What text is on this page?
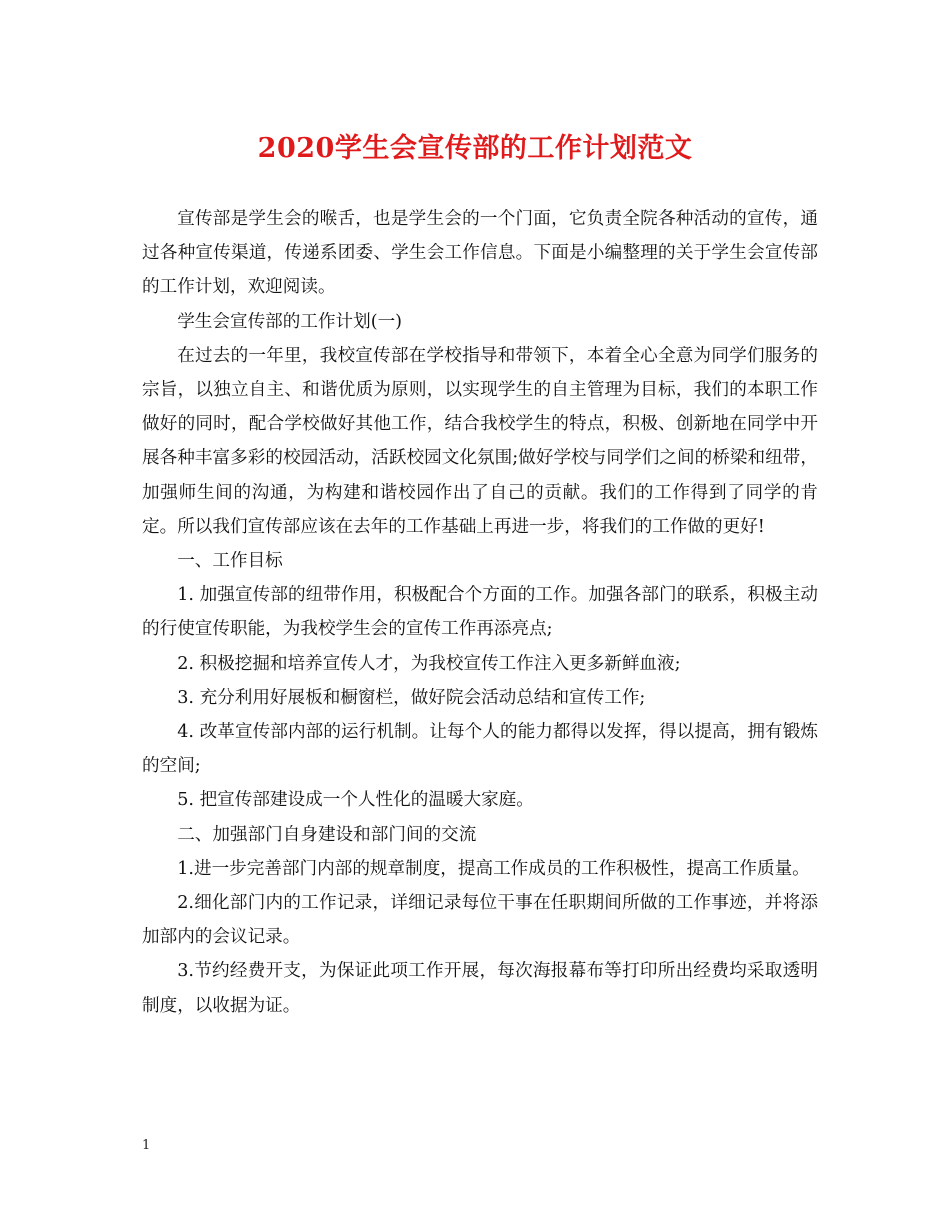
2020学生会宣传部的工作计划范文

宣传部是学生会的喉舌，也是学生会的一个门面，它负责全院各种活动的宣传，通过各种宣传渠道，传递系团委、学生会工作信息。下面是小编整理的关于学生会宣传部的工作计划，欢迎阅读。

学生会宣传部的工作计划(一)

在过去的一年里，我校宣传部在学校指导和带领下，本着全心全意为同学们服务的宗旨，以独立自主、和谐优质为原则，以实现学生的自主管理为目标，我们的本职工作做好的同时，配合学校做好其他工作，结合我校学生的特点，积极、创新地在同学中开展各种丰富多彩的校园活动，活跃校园文化氛围;做好学校与同学们之间的桥梁和纽带，加强师生间的沟通，为构建和谐校园作出了自己的贡献。我们的工作得到了同学的肯定。所以我们宣传部应该在去年的工作基础上再进一步，将我们的工作做的更好!

一、工作目标

1. 加强宣传部的纽带作用，积极配合个方面的工作。加强各部门的联系，积极主动的行使宣传职能，为我校学生会的宣传工作再添亮点;

2. 积极挖掘和培养宣传人才，为我校宣传工作注入更多新鲜血液;

3. 充分利用好展板和橱窗栏，做好院会活动总结和宣传工作;

4. 改革宣传部内部的运行机制。让每个人的能力都得以发挥，得以提高，拥有锻炼的空间;

5. 把宣传部建设成一个人性化的温暖大家庭。

二、加强部门自身建设和部门间的交流

1.进一步完善部门内部的规章制度，提高工作成员的工作积极性，提高工作质量。

2.细化部门内的工作记录，详细记录每位干事在任职期间所做的工作事迹，并将添加部内的会议记录。

3.节约经费开支，为保证此项工作开展，每次海报幕布等打印所出经费均采取透明制度，以收据为证。

1
